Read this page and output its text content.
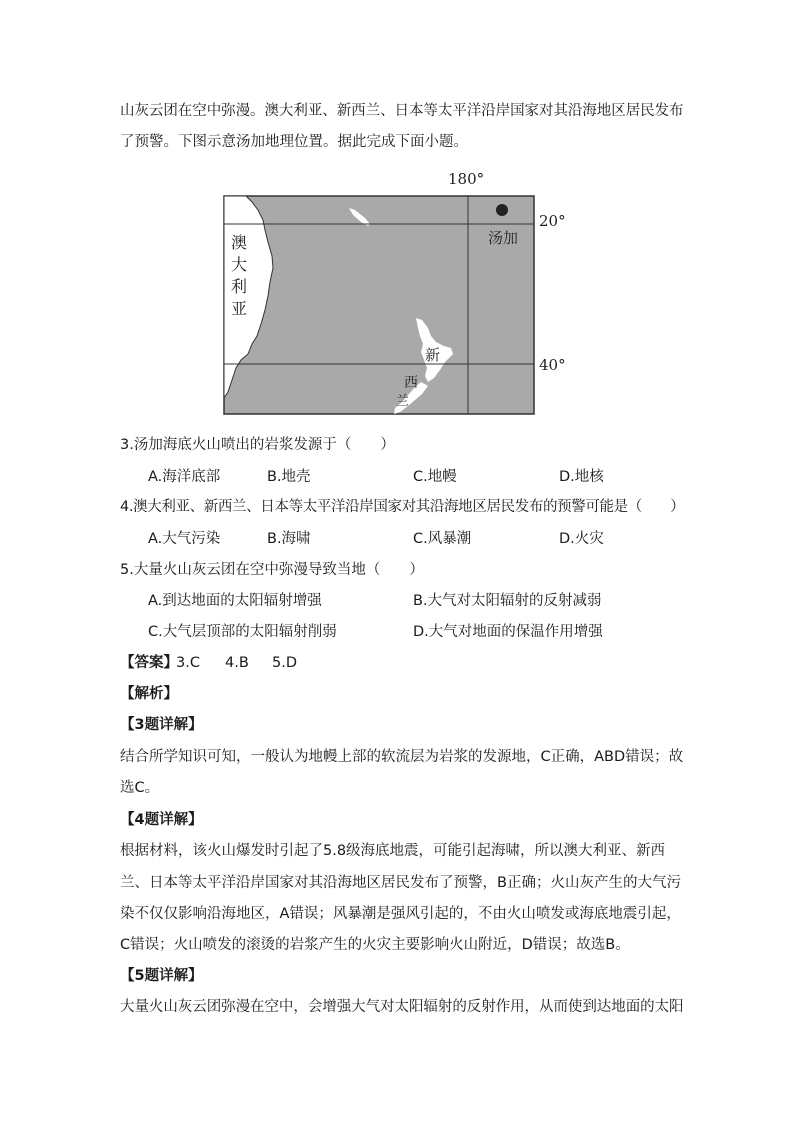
山灰云团在空中弥漫。澳大利亚、新西兰、日本等太平洋沿岸国家对其沿海地区居民发布
了预警。下图示意汤加地理位置。据此完成下面小题。
180°
20°
40°
汤加
澳
大
利
亚
新
西
兰
3.汤加海底火山喷出的岩浆发源于（　　）
A.海洋底部	B.地壳	C.地幔	D.地核
4.澳大利亚、新西兰、日本等太平洋沿岸国家对其沿海地区居民发布的预警可能是（　　）
A.大气污染	B.海啸	C.风暴潮	D.火灾
5.大量火山灰云团在空中弥漫导致当地（　　）
A.到达地面的太阳辐射增强	B.大气对太阳辐射的反射减弱
C.大气层顶部的太阳辐射削弱	D.大气对地面的保温作用增强
【答案】
3.C 4.B 5.D
【解析】
【3题详解】
结合所学知识可知，一般认为地幔上部的软流层为岩浆的发源地，C正确，ABD错误；故
选C。
【4题详解】
根据材料，该火山爆发时引起了5.8级海底地震，可能引起海啸，所以澳大利亚、新西
兰、日本等太平洋沿岸国家对其沿海地区居民发布了预警，B正确；火山灰产生的大气污
染不仅仅影响沿海地区，A错误；风暴潮是强风引起的，不由火山喷发或海底地震引起，
C错误；火山喷发的滚烫的岩浆产生的火灾主要影响火山附近，D错误；故选B。
【5题详解】
大量火山灰云团弥漫在空中，会增强大气对太阳辐射的反射作用，从而使到达地面的太阳
